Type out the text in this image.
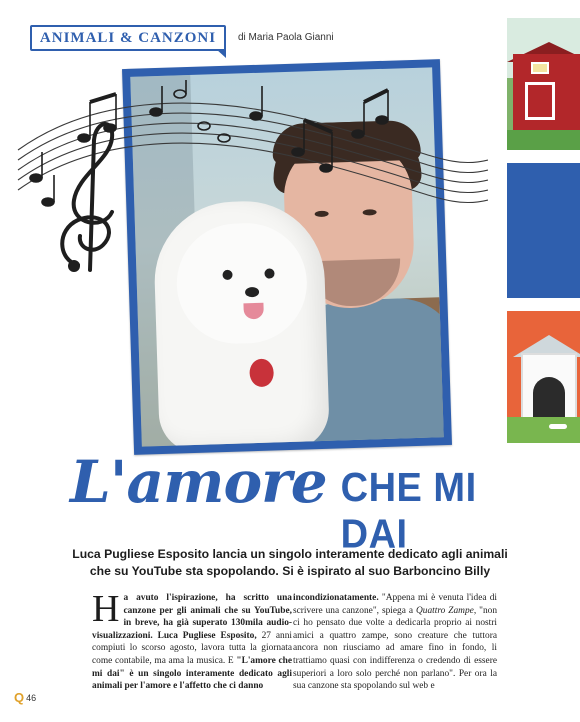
ANIMALI & CANZONI di Maria Paola Gianni
L'amore CHE MI DAI
Luca Pugliese Esposito lancia un singolo interamente dedicato agli animali
che su YouTube sta spopolando. Si è ispirato al suo Barboncino Billy
Ha avuto l'ispirazione, ha scritto una canzone per gli animali che su YouTube, in breve, ha già superato 130mila audio-visualizzazioni. Luca Pugliese Esposito, 27 anni compiuti lo scorso agosto, lavora tutta la giornata come contabile, ma ama la musica. E "L'amore che mi dai" è un singolo interamente dedicato agli animali per l'amore e l'affetto che ci danno
incondizionatamente. "Appena mi è venuta l'idea di scrivere una canzone", spiega a Quattro Zampe, "non ci ho pensato due volte a dedicarla proprio ai nostri amici a quattro zampe, sono creature che tuttora ancora non riusciamo ad amare fino in fondo, li trattiamo quasi con indifferenza o credendo di essere superiori a loro solo perché non parlano". Per ora la sua canzone sta spopolando sul web e
Q 46
